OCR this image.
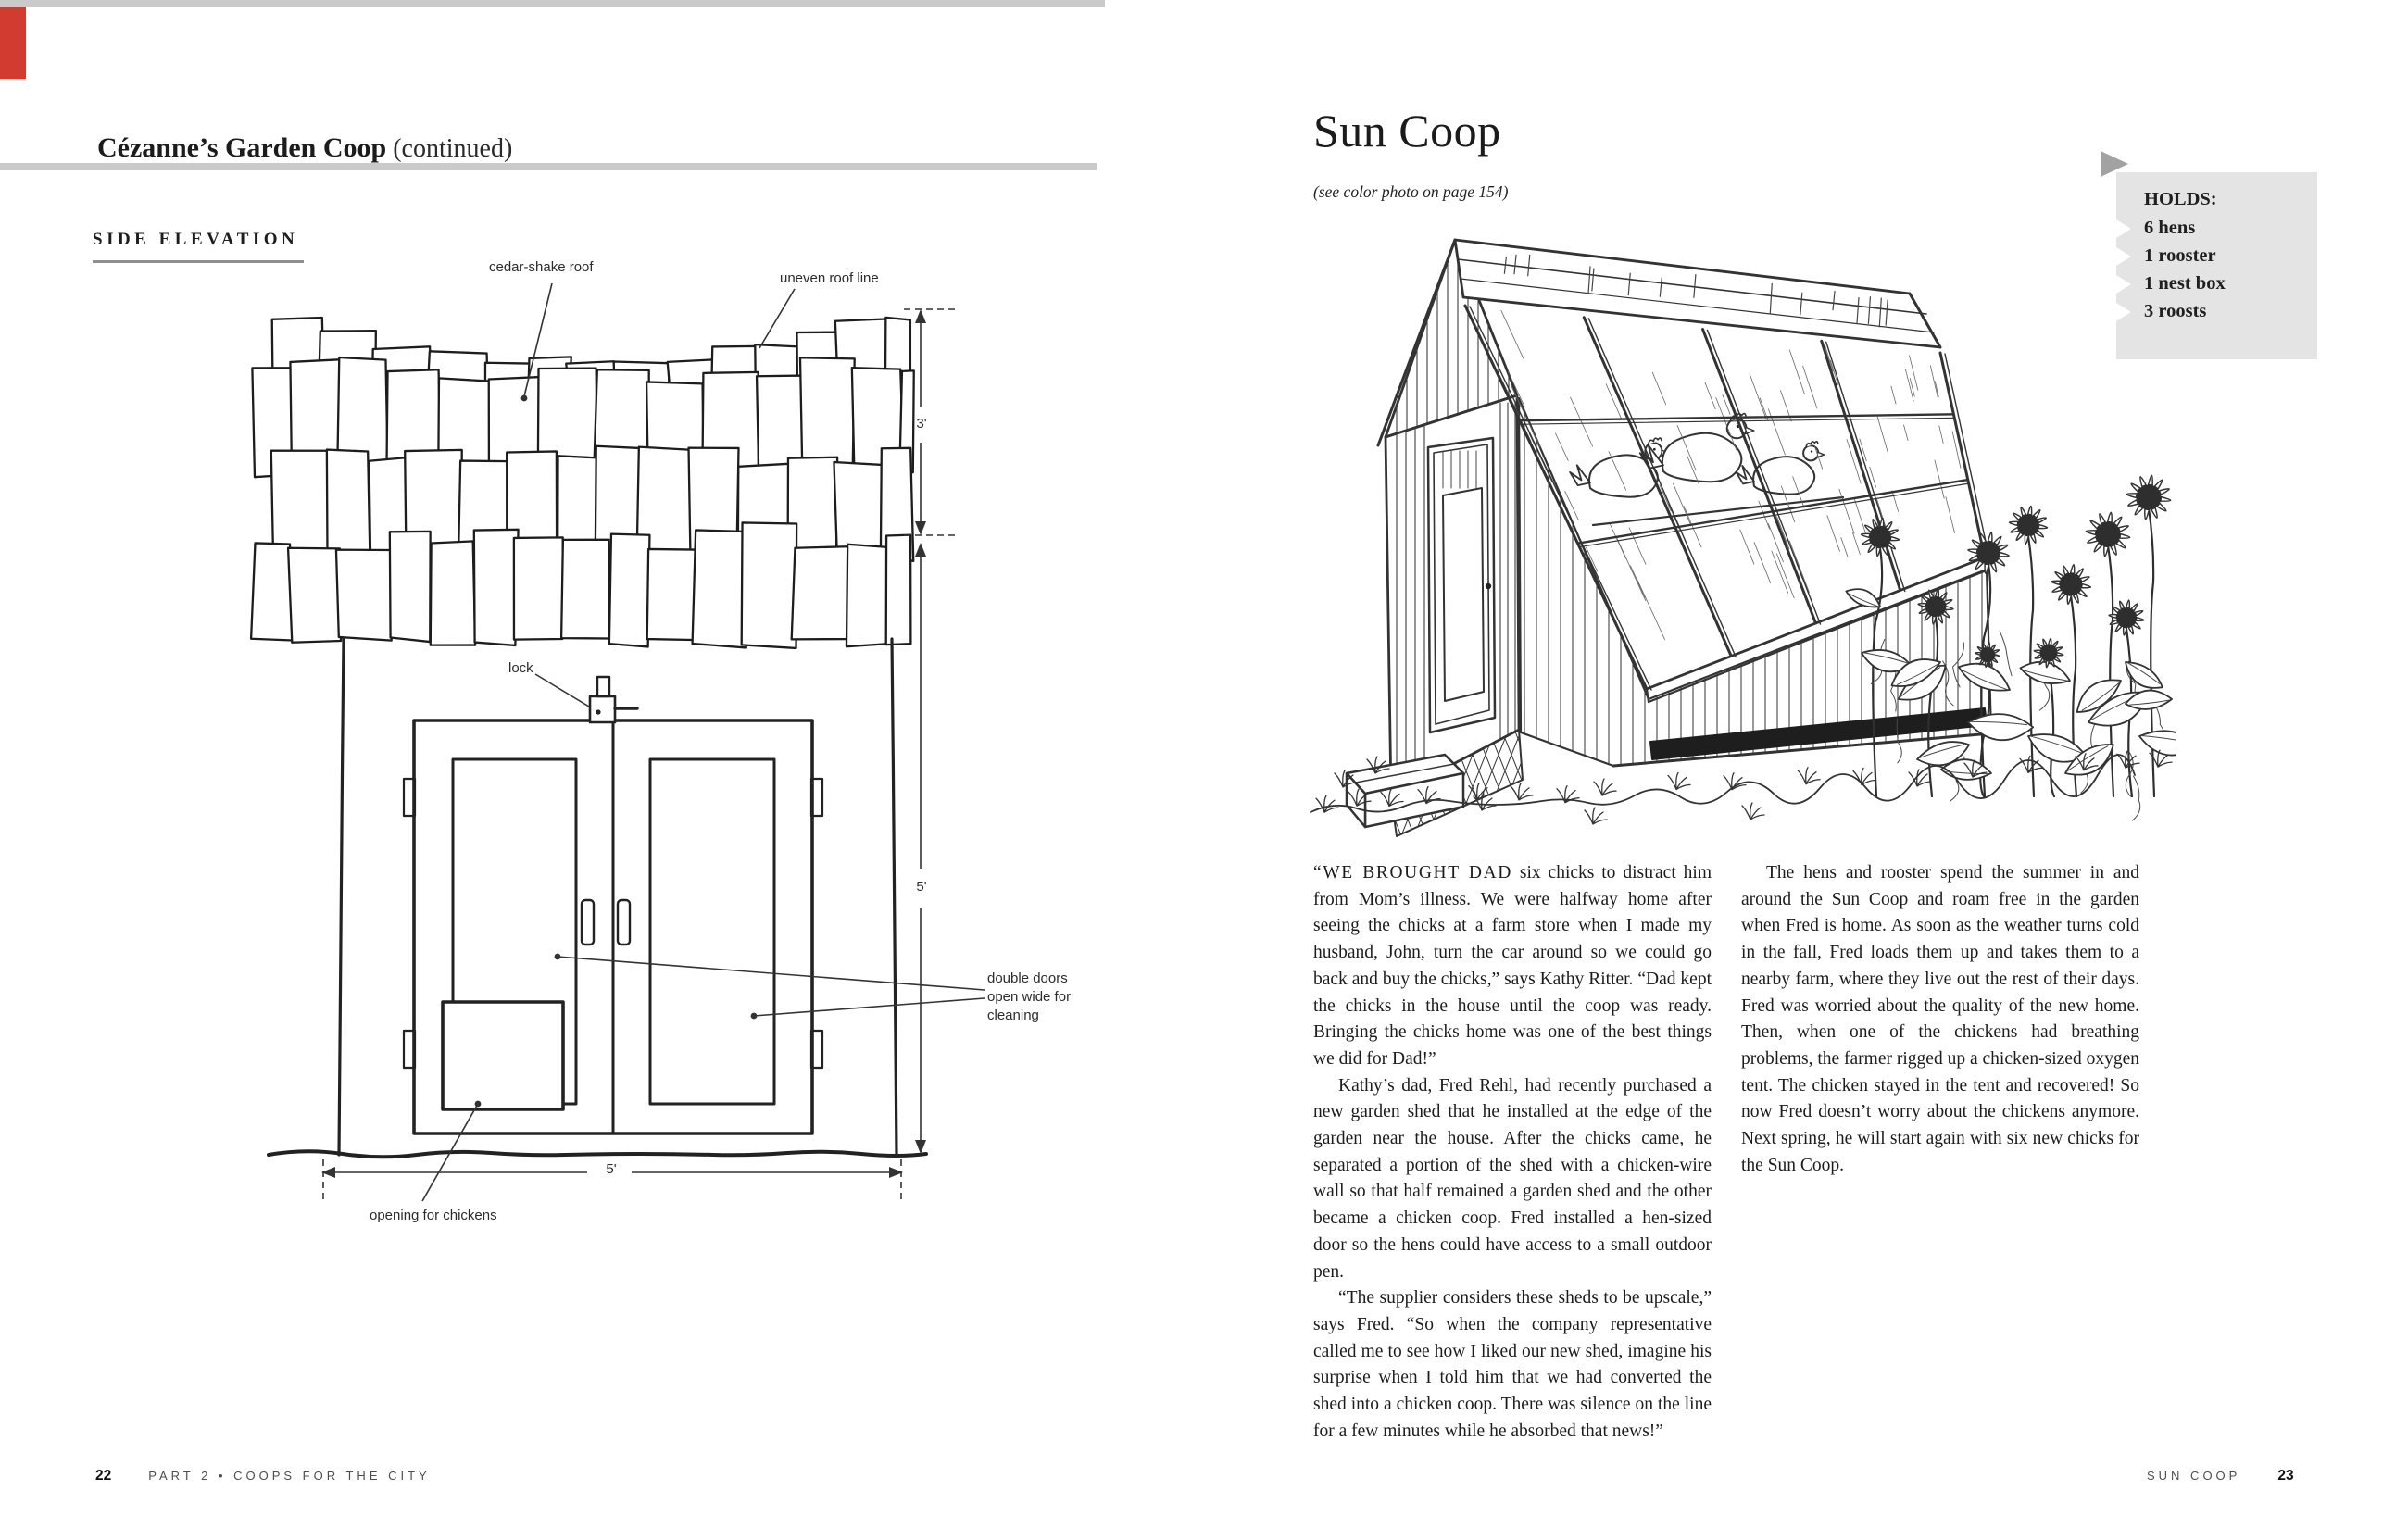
Cézanne’s Garden Coop (continued)
SIDE ELEVATION
cedar-shake roof
uneven roof line
lock
double doors
open wide for
cleaning
opening for chickens
3'
5'
5'
22	PART 2 • COOPS FOR THE CITY
Sun Coop
(see color photo on page 154)	HOLDS:
6 hens
1 rooster
1 nest box
3 roosts

“WE BROUGHT DAD six chicks to distract him from Mom’s illness. We were halfway home after seeing the chicks at a farm store when I made my husband, John, turn the car around so we could go back and buy the chicks,” says Kathy Ritter. “Dad kept the chicks in the house until the coop was ready. Bringing the chicks home was one of the best things we did for Dad!”

Kathy’s dad, Fred Rehl, had recently purchased a new garden shed that he installed at the edge of the garden near the house. After the chicks came, he separated a portion of the shed with a chicken-wire wall so that half remained a garden shed and the other became a chicken coop. Fred installed a hen-sized door so the hens could have access to a small outdoor pen.

“The supplier considers these sheds to be upscale,” says Fred. “So when the company representative called me to see how I liked our new shed, imagine his surprise when I told him that we had converted the shed into a chicken coop. There was silence on the line for a few minutes while he absorbed that news!”

The hens and rooster spend the summer in and around the Sun Coop and roam free in the garden when Fred is home. As soon as the weather turns cold in the fall, Fred loads them up and takes them to a nearby farm, where they live out the rest of their days. Fred was worried about the quality of the new home. Then, when one of the chickens had breathing problems, the farmer rigged up a chicken-sized oxygen tent. The chicken stayed in the tent and recovered! So now Fred doesn’t worry about the chickens anymore. Next spring, he will start again with six new chicks for the Sun Coop.

SUN COOP	23
